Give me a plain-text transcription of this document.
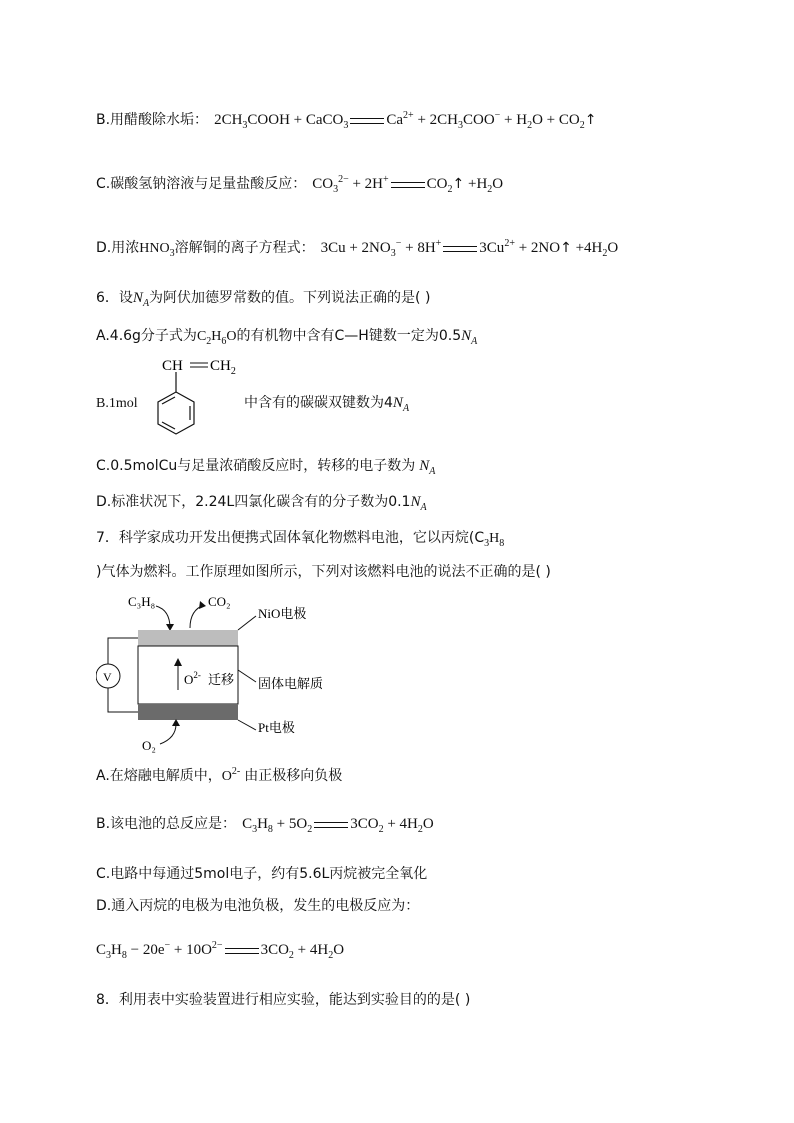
B.用醋酸除水垢： $2CH_3COOH$ + CaCO$_3$	$Ca^{2+} + 2CH_3COO^- + H_2O$ + $CO_2↑$
C.碳酸氢钠溶液与足量盐酸反应： $CO_3^{2-} + 2H^+$	$CO_2↑ +H_2O$
D.用浓$HNO_3$溶解铜的离子方程式： $3Cu + 2NO_3^- + 8H^+$	$3Cu^{2+}$ + 2NO↑ $+4H_2O$
6．设$N_A$为阿伏加德罗常数的值。下列说法正确的是( )
A.4.6g分子式为$C_2H_6O$的有机物中含有C—H键数一定为$0.5N_A$
B.1mol
CH $CH_2$
中含有的碳碳双键数为$4N_A$
C.0.5molCu与足量浓硝酸反应时，转移的电子数为 $N_A$
D.标准状况下，2.24L四氯化碳含有的分子数为$0.1N_A$
7．科学家成功开发出便携式固体氧化物燃料电池，它以丙烷($C_3H_8$
)气体为燃料。工作原理如图所示，下列对该燃料电池的说法不正确的是( )
C₃H₈	CO₂
NiO电极
$O^{2-}$ 迁移 固体电解质
Pt电极
O₂
V
A.在熔融电解质中，$O^{2-}$ 由正极移向负极
B.该电池的总反应是： $C_3H_8 + 5O_2$	$3CO_2 + 4H_2O$
C.电路中每通过5mol电子，约有5.6L丙烷被完全氧化
D.通入丙烷的电极为电池负极，发生的电极反应为：
$C_3H_8 - 20e^- + 10O^{2-}$	$3CO_2 + 4H_2O$
8．利用表中实验装置进行相应实验，能达到实验目的的是( )
